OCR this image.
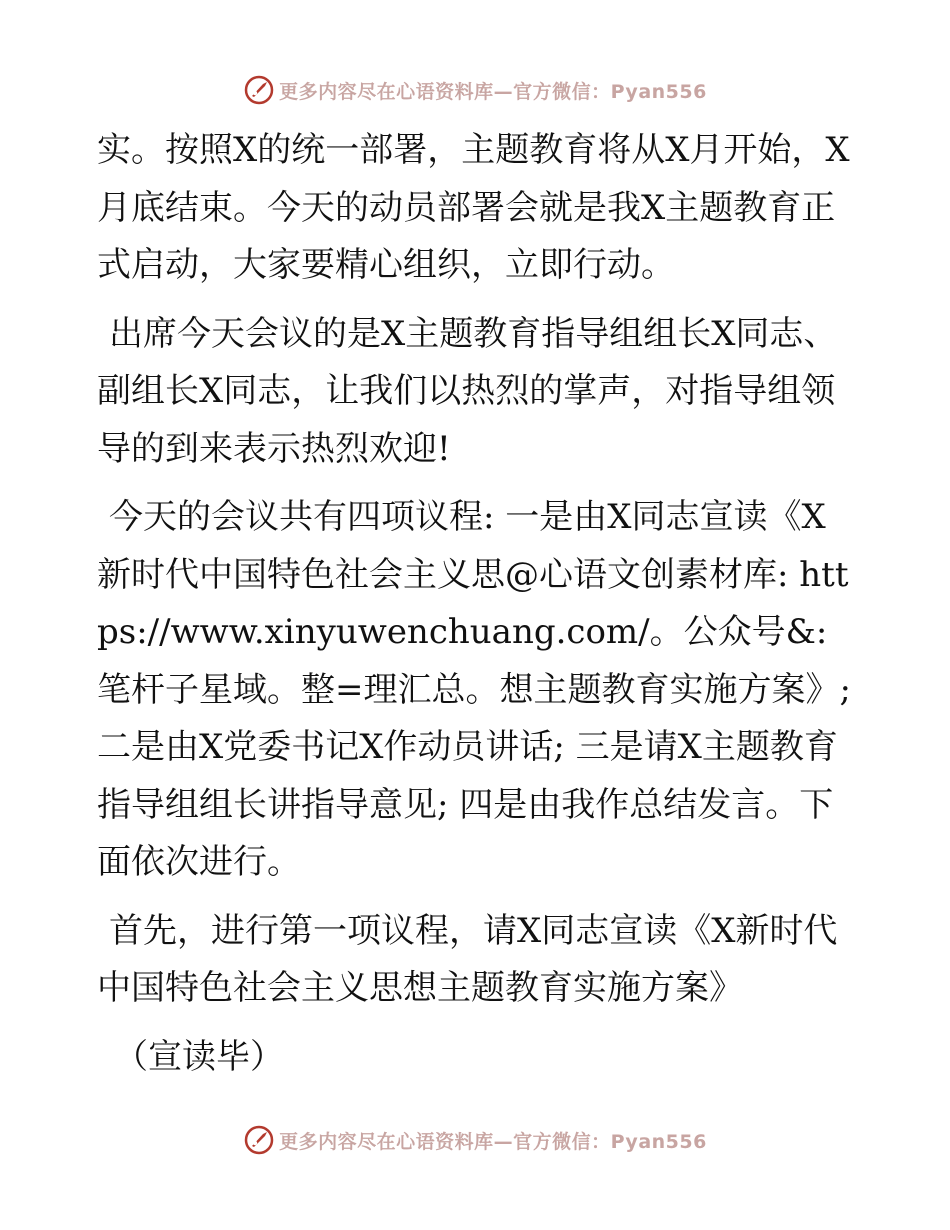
更多内容尽在心语资料库—官方微信：Pyan556

实。按照X的统一部署，主题教育将从X月开始，X月底结束。今天的动员部署会就是我X主题教育正式启动，大家要精心组织，立即行动。

出席今天会议的是X主题教育指导组组长X同志、副组长X同志，让我们以热烈的掌声，对指导组领导的到来表示热烈欢迎!

今天的会议共有四项议程: 一是由X同志宣读《X新时代中国特色社会主义思@心语文创素材库: https://www.xinyuwenchuang.com/。公众号&: 笔杆子星域。整=理汇总。想主题教育实施方案》; 二是由X党委书记X作动员讲话; 三是请X主题教育指导组组长讲指导意见; 四是由我作总结发言。下面依次进行。

首先，进行第一项议程，请X同志宣读《X新时代中国特色社会主义思想主题教育实施方案》

（宣读毕）

更多内容尽在心语资料库—官方微信：Pyan556
